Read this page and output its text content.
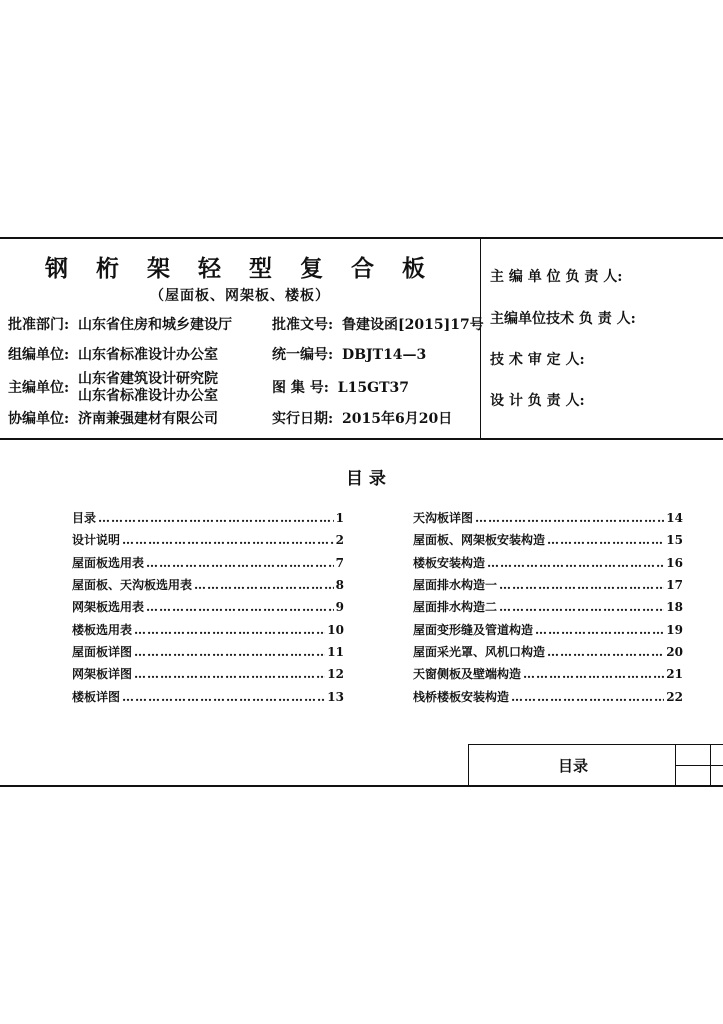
钢 桁 架 轻 型 复 合 板
（屋面板、网架板、楼板）
批准部门: 山东省住房和城乡建设厅
组编单位: 山东省标准设计办公室
主编单位:
山东省建筑设计研究院
山东省标准设计办公室
协编单位: 济南兼强建材有限公司
批准文号: 鲁建设函[2015]17号
统一编号: DBJT14—3
图 集 号: L15GT37
实行日期: 2015年6月20日
主 编 单 位 负 责 人:
主编单位技术 负 责 人:
技 术 审 定 人:
设 计 负 责 人:
目 录
目录 ………………………………………………………………………………………………………………………………	1
设计说明 ………………………………………………………………………………………………………………………………	2
屋面板选用表 ………………………………………………………………………………………………………………………………	7
屋面板、天沟板选用表 ………………………………………………………………………………………………………………………………	8
网架板选用表 ………………………………………………………………………………………………………………………………	9
楼板选用表 ………………………………………………………………………………………………………………………………	10
屋面板详图 ………………………………………………………………………………………………………………………………	11
网架板详图 ………………………………………………………………………………………………………………………………	12
楼板详图 ………………………………………………………………………………………………………………………………	13
天沟板详图 ………………………………………………………………………………………………………………………………	14
屋面板、网架板安装构造 ………………………………………………………………………………………………………………………………	15
楼板安装构造 ………………………………………………………………………………………………………………………………	16
屋面排水构造一 ………………………………………………………………………………………………………………………………	17
屋面排水构造二 ………………………………………………………………………………………………………………………………	18
屋面变形缝及管道构造 ………………………………………………………………………………………………………………………………	19
屋面采光罩、风机口构造 ………………………………………………………………………………………………………………………………	20
天窗侧板及壁端构造 ………………………………………………………………………………………………………………………………	21
栈桥楼板安装构造 ………………………………………………………………………………………………………………………………	22
目录
